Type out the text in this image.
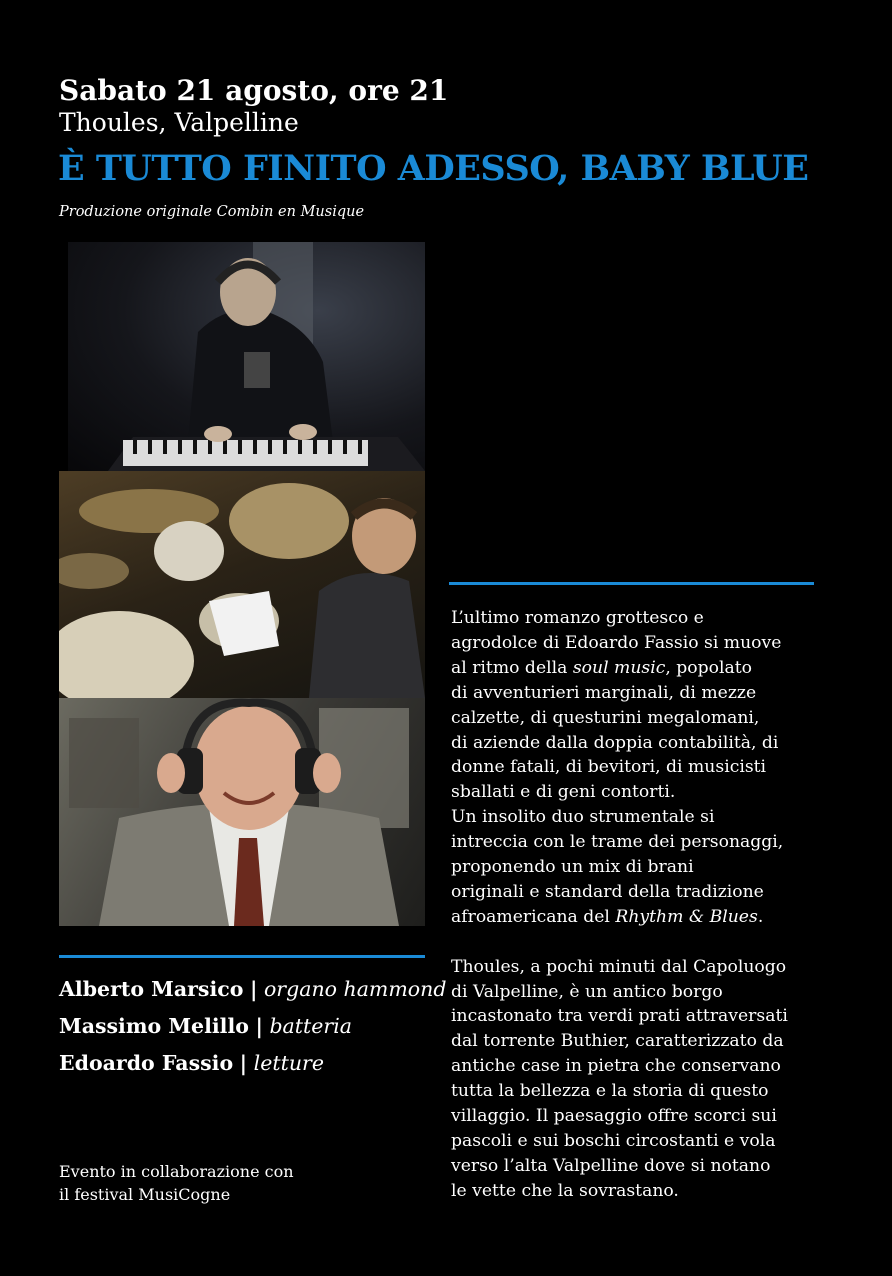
Sabato 21 agosto, ore 21
Thoules, Valpelline
È TUTTO FINITO ADESSO, BABY BLUE
Produzione originale Combin en Musique
Alberto Marsico | organo hammond
Massimo Melillo | batteria
Edoardo Fassio | letture
Evento in collaborazione con
il festival MusiCogne
L’ultimo romanzo grottesco e
agrodolce di Edoardo Fassio si muove
al ritmo della soul music, popolato
di avventurieri marginali, di mezze
calzette, di questurini megalomani,
di aziende dalla doppia contabilità, di
donne fatali, di bevitori, di musicisti
sballati e di geni contorti.
Un insolito duo strumentale si
intreccia con le trame dei personaggi,
proponendo un mix di brani
originali e standard della tradizione
afroamericana del Rhythm & Blues.
Thoules, a pochi minuti dal Capoluogo
di Valpelline, è un antico borgo
incastonato tra verdi prati attraversati
dal torrente Buthier, caratterizzato da
antiche case in pietra che conservano
tutta la bellezza e la storia di questo
villaggio. Il paesaggio offre scorci sui
pascoli e sui boschi circostanti e vola
verso l’alta Valpelline dove si notano
le vette che la sovrastano.
